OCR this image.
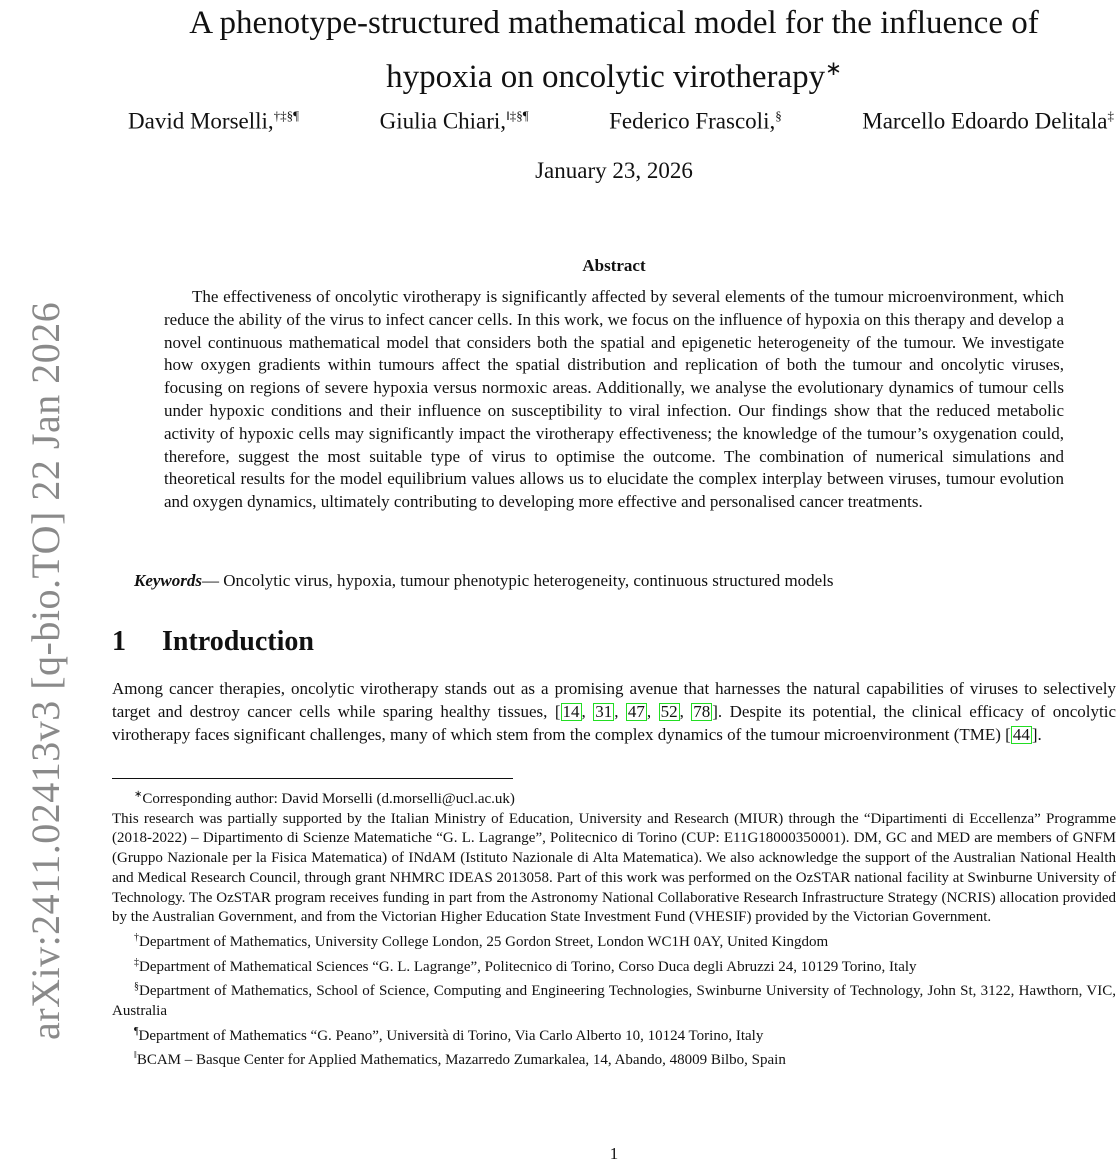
arXiv:2411.02413v3 [q-bio.TO] 22 Jan 2026
A phenotype-structured mathematical model for the influence of
hypoxia on oncolytic virotherapy∗
David Morselli,†‡§¶	Giulia Chiari,‖‡§¶	Federico Frascoli,§	Marcello Edoardo Delitala‡
January 23, 2026
Abstract
The effectiveness of oncolytic virotherapy is significantly affected by several elements of the tumour microenvironment, which reduce the ability of the virus to infect cancer cells. In this work, we focus on the influence of hypoxia on this therapy and develop a novel continuous mathematical model that considers both the spatial and epigenetic heterogeneity of the tumour. We investigate how oxygen gradients within tumours affect the spatial distribution and replication of both the tumour and oncolytic viruses, focusing on regions of severe hypoxia versus normoxic areas. Additionally, we analyse the evolutionary dynamics of tumour cells under hypoxic conditions and their influence on susceptibility to viral infection. Our findings show that the reduced metabolic activity of hypoxic cells may significantly impact the virotherapy effectiveness; the knowledge of the tumour’s oxygenation could, therefore, suggest the most suitable type of virus to optimise the outcome. The combination of numerical simulations and theoretical results for the model equilibrium values allows us to elucidate the complex interplay between viruses, tumour evolution and oxygen dynamics, ultimately contributing to developing more effective and personalised cancer treatments.
Keywords— Oncolytic virus, hypoxia, tumour phenotypic heterogeneity, continuous structured models
1 Introduction
Among cancer therapies, oncolytic virotherapy stands out as a promising avenue that harnesses the natural capabilities of viruses to selectively target and destroy cancer cells while sparing healthy tissues, [ 14 , 31 , 47 , 52 , 78 ]. Despite its potential, the clinical efficacy of oncolytic virotherapy faces significant challenges, many of which stem from the complex dynamics of the tumour microenvironment (TME) [ 44 ].

∗Corresponding author: David Morselli (d.morselli@ucl.ac.uk)

This research was partially supported by the Italian Ministry of Education, University and Research (MIUR) through the “Dipartimenti di Eccellenza” Programme (2018-2022) – Dipartimento di Scienze Matematiche “G. L. Lagrange”, Politecnico di Torino (CUP: E11G18000350001). DM, GC and MED are members of GNFM (Gruppo Nazionale per la Fisica Matematica) of INdAM (Istituto Nazionale di Alta Matematica). We also acknowledge the support of the Australian National Health and Medical Research Council, through grant NHMRC IDEAS 2013058. Part of this work was performed on the OzSTAR national facility at Swinburne University of Technology. The OzSTAR program receives funding in part from the Astronomy National Collaborative Research Infrastructure Strategy (NCRIS) allocation provided by the Australian Government, and from the Victorian Higher Education State Investment Fund (VHESIF) provided by the Victorian Government.

†Department of Mathematics, University College London, 25 Gordon Street, London WC1H 0AY, United Kingdom

‡Department of Mathematical Sciences “G. L. Lagrange”, Politecnico di Torino, Corso Duca degli Abruzzi 24, 10129 Torino, Italy

§Department of Mathematics, School of Science, Computing and Engineering Technologies, Swinburne University of Technology, John St, 3122, Hawthorn, VIC, Australia

¶Department of Mathematics “G. Peano”, Università di Torino, Via Carlo Alberto 10, 10124 Torino, Italy

‖BCAM – Basque Center for Applied Mathematics, Mazarredo Zumarkalea, 14, Abando, 48009 Bilbo, Spain

1
